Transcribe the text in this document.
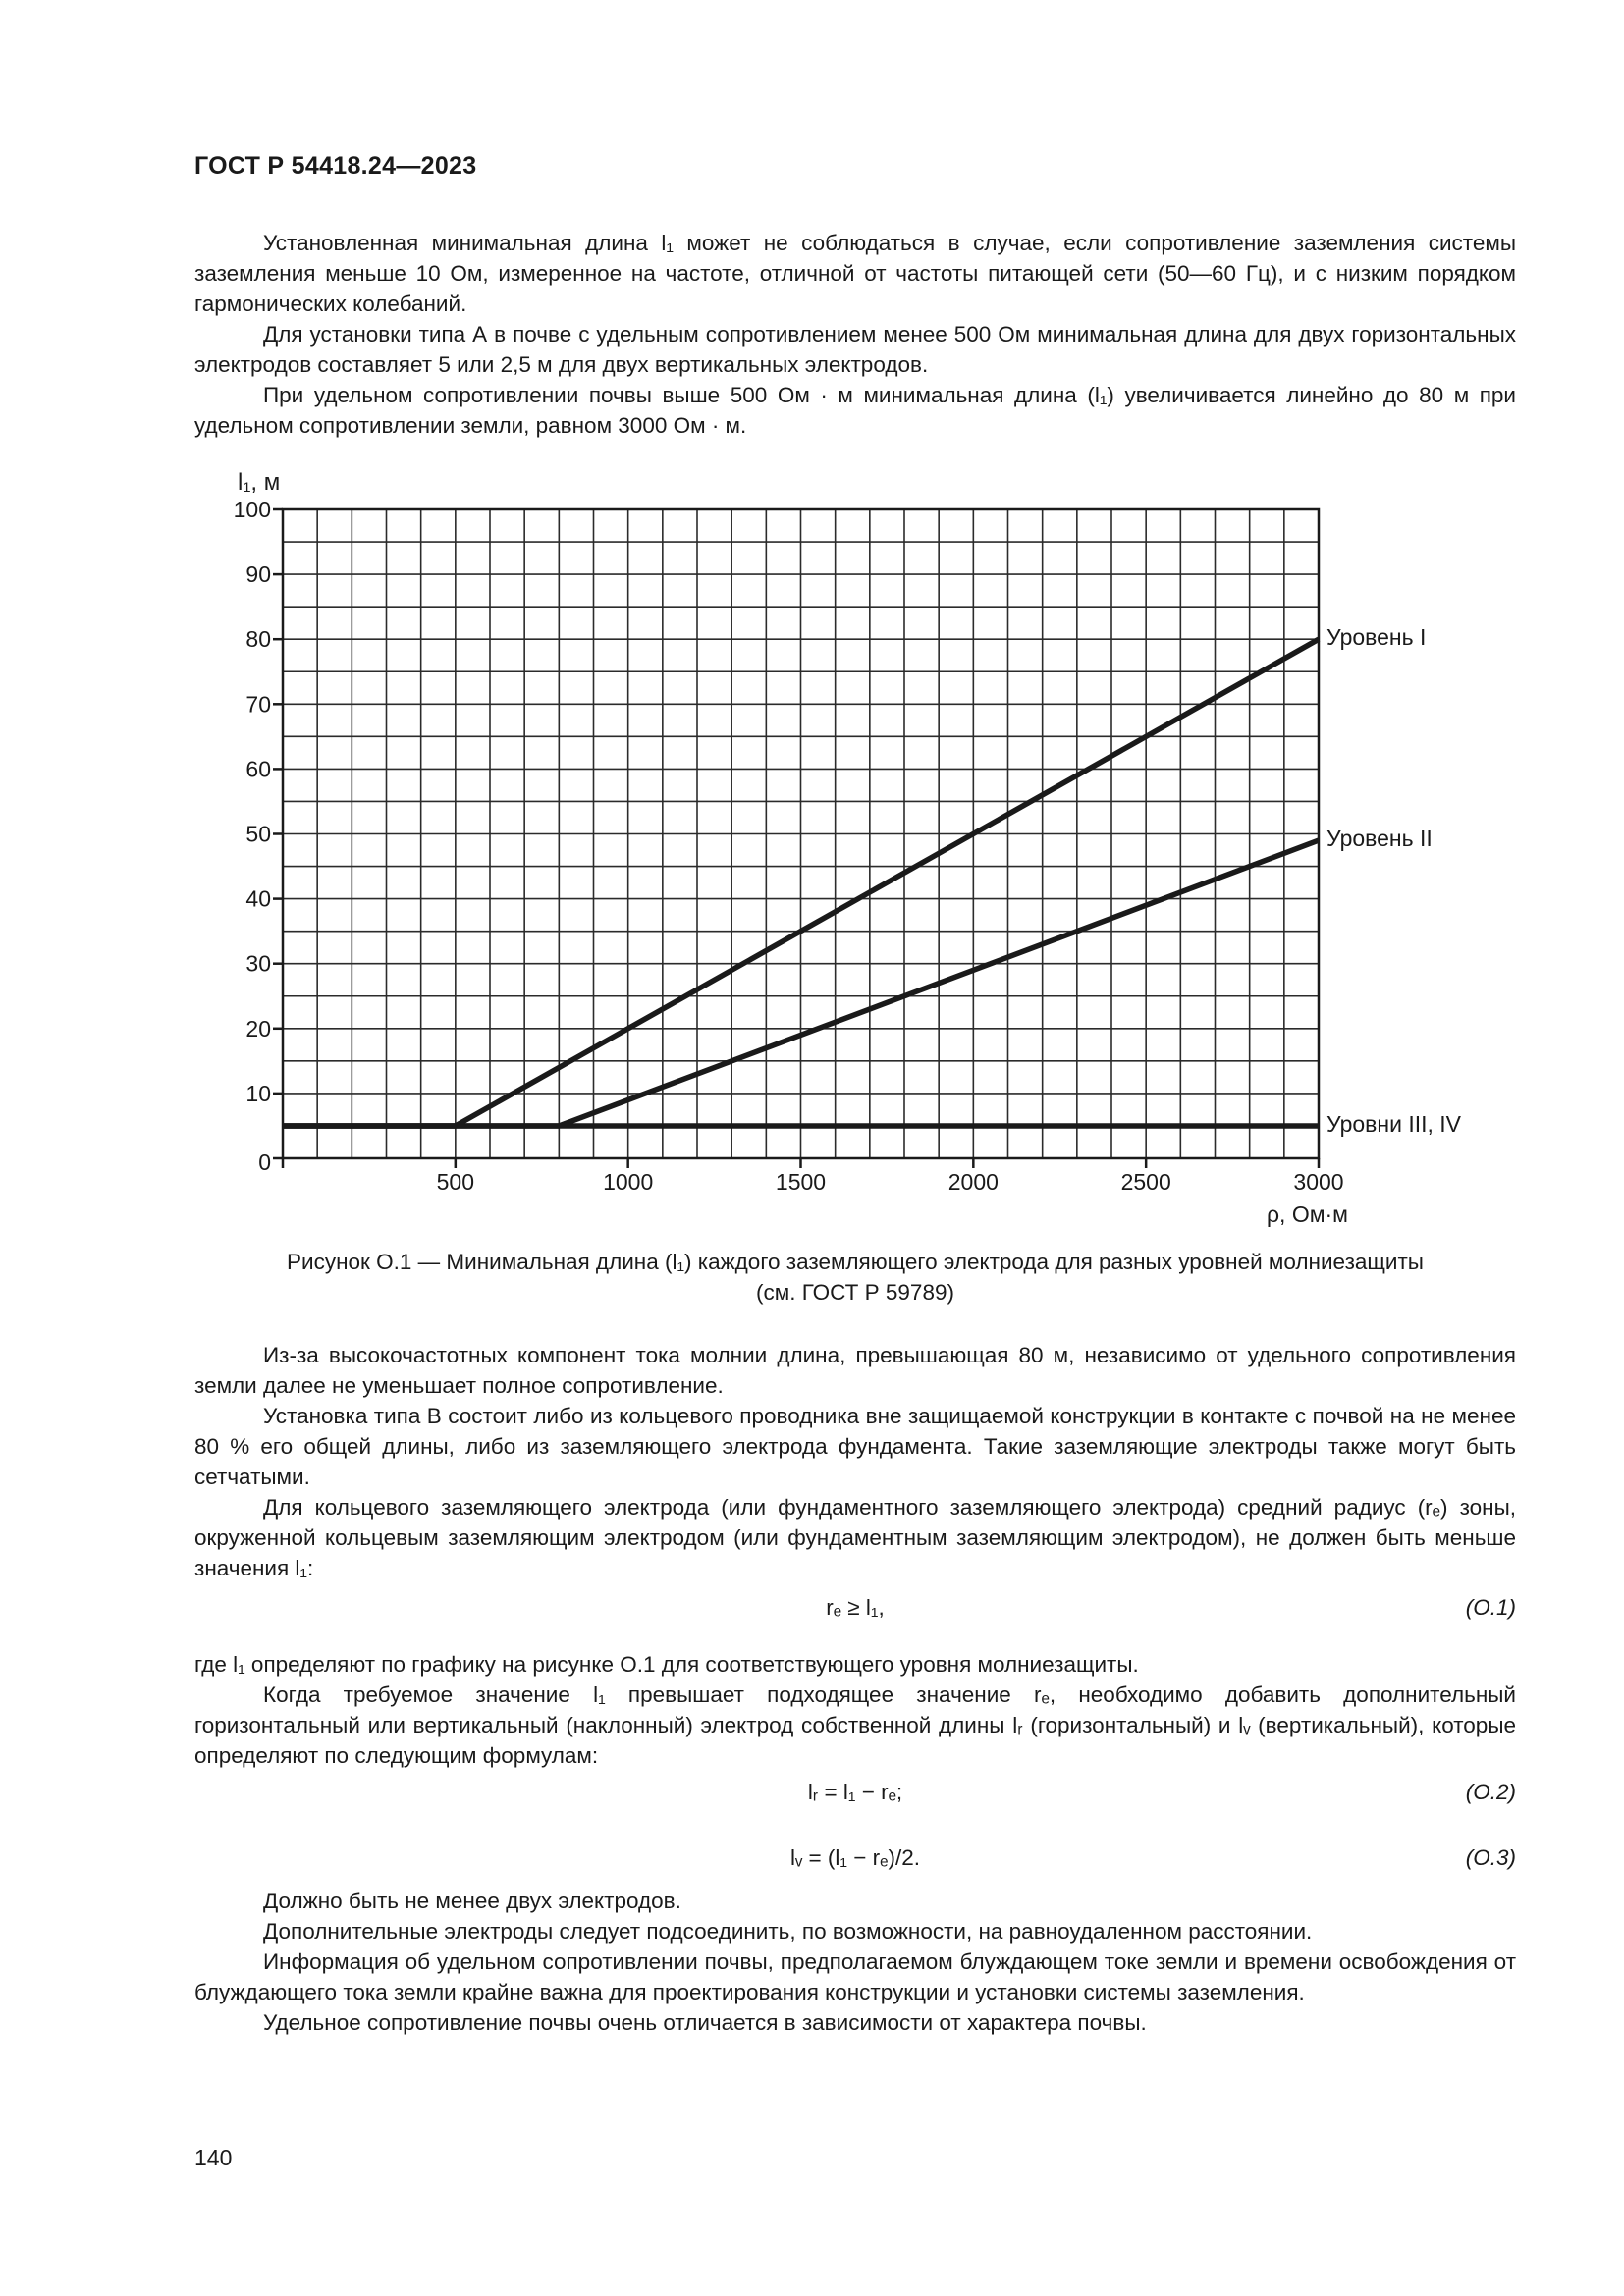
ГОСТ Р 54418.24—2023

Установленная минимальная длина l₁ может не соблюдаться в случае, если сопротивление заземления системы заземления меньше 10 Ом, измеренное на частоте, отличной от частоты питающей сети (50—60 Гц), и с низким порядком гармонических колебаний.

Для установки типа А в почве с удельным сопротивлением менее 500 Ом минимальная длина для двух горизонтальных электродов составляет 5 или 2,5 м для двух вертикальных электродов.

При удельном сопротивлении почвы выше 500 Ом · м минимальная длина (l₁) увеличивается линейно до 80 м при удельном сопротивлении земли, равном 3000 Ом · м.

Уровень I
Уровень II
Уровни III, IV
10
20
30
40
50
60
70
80
90
100
500	1000	1500	2000	2500	3000
0
l₁, м
ρ, Ом·м
Рисунок О.1 — Минимальная длина (l₁) каждого заземляющего электрода для разных уровней молниезащиты
(см. ГОСТ Р 59789)

Из-за высокочастотных компонент тока молнии длина, превышающая 80 м, независимо от удельного сопротивления земли далее не уменьшает полное сопротивление.

Установка типа В состоит либо из кольцевого проводника вне защищаемой конструкции в контакте с почвой на не менее 80 % его общей длины, либо из заземляющего электрода фундамента. Такие заземляющие электроды также могут быть сетчатыми.

Для кольцевого заземляющего электрода (или фундаментного заземляющего электрода) средний радиус (rₑ) зоны, окруженной кольцевым заземляющим электродом (или фундаментным заземляющим электродом), не должен быть меньше значения l₁:

rₑ ≥ l₁,	(О.1)

где l₁ определяют по графику на рисунке О.1 для соответствующего уровня молниезащиты.

Когда требуемое значение l₁ превышает подходящее значение rₑ, необходимо добавить дополнительный горизонтальный или вертикальный (наклонный) электрод собственной длины lᵣ (горизонтальный) и lᵥ (вертикальный), которые определяют по следующим формулам:

lᵣ = l₁ − rₑ;	(О.2)
lᵥ = (l₁ − rₑ)/2.	(О.3)

Должно быть не менее двух электродов.

Дополнительные электроды следует подсоединить, по возможности, на равноудаленном расстоянии.

Информация об удельном сопротивлении почвы, предполагаемом блуждающем токе земли и времени освобождения от блуждающего тока земли крайне важна для проектирования конструкции и установки системы заземления.

Удельное сопротивление почвы очень отличается в зависимости от характера почвы.

140
